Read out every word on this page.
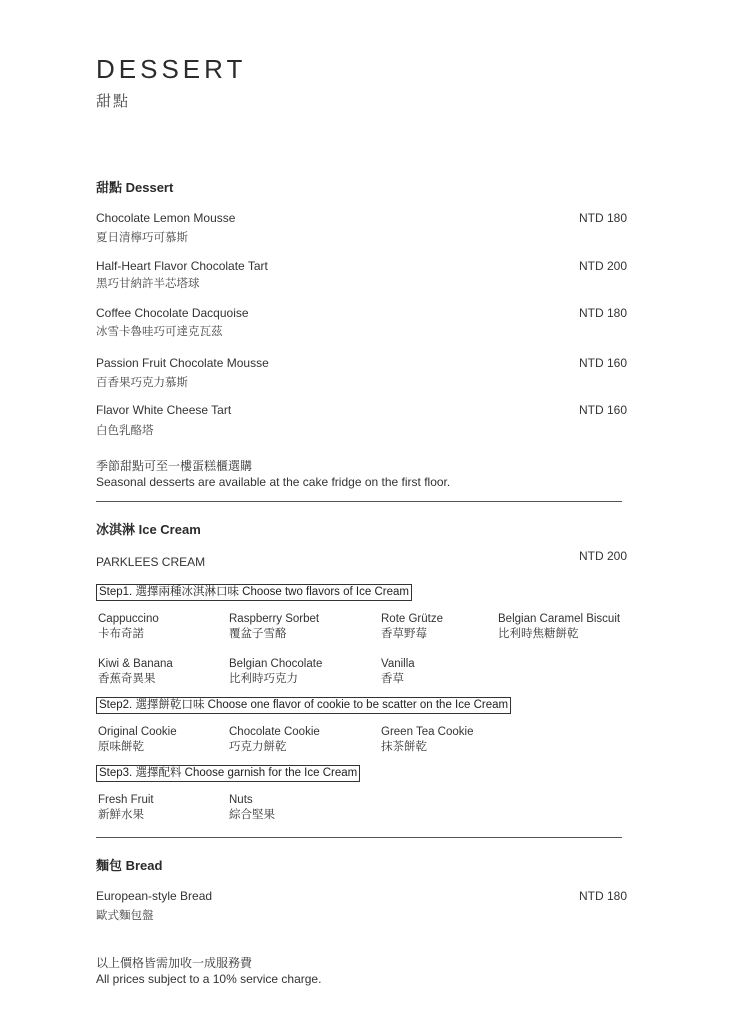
DESSERT
甜點
甜點 Dessert
Chocolate Lemon Mousse
夏日清檸巧可慕斯
NTD 180
Half-Heart Flavor Chocolate Tart
黑巧甘納許半芯塔球
NTD 200
Coffee Chocolate Dacquoise
冰雪卡魯哇巧可達克瓦茲
NTD 180
Passion Fruit Chocolate Mousse
百香果巧克力慕斯
NTD 160
Flavor White Cheese Tart
白色乳酪塔
NTD 160
季節甜點可至一樓蛋糕櫃選購
Seasonal desserts are available at the cake fridge on the first floor.
冰淇淋 Ice Cream
PARKLEES CREAM	NTD 200
Step1. 選擇兩種冰淇淋口味 Choose two flavors of Ice Cream
Cappuccino
卡布奇諾
Raspberry Sorbet
覆盆子雪酪
Rote Grütze
香草野莓
Belgian Caramel Biscuit
比利時焦糖餅乾
Kiwi & Banana
香蕉奇異果
Belgian Chocolate
比利時巧克力
Vanilla
香草
Step2. 選擇餅乾口味 Choose one flavor of cookie to be scatter on the Ice Cream
Original Cookie
原味餅乾
Chocolate Cookie
巧克力餅乾
Green Tea Cookie
抹茶餅乾
Step3. 選擇配料 Choose garnish for the Ice Cream
Fresh Fruit
新鮮水果
Nuts
綜合堅果
麵包 Bread
European-style Bread
歐式麵包盤
NTD 180
以上價格皆需加收一成服務費
All prices subject to a 10% service charge.
